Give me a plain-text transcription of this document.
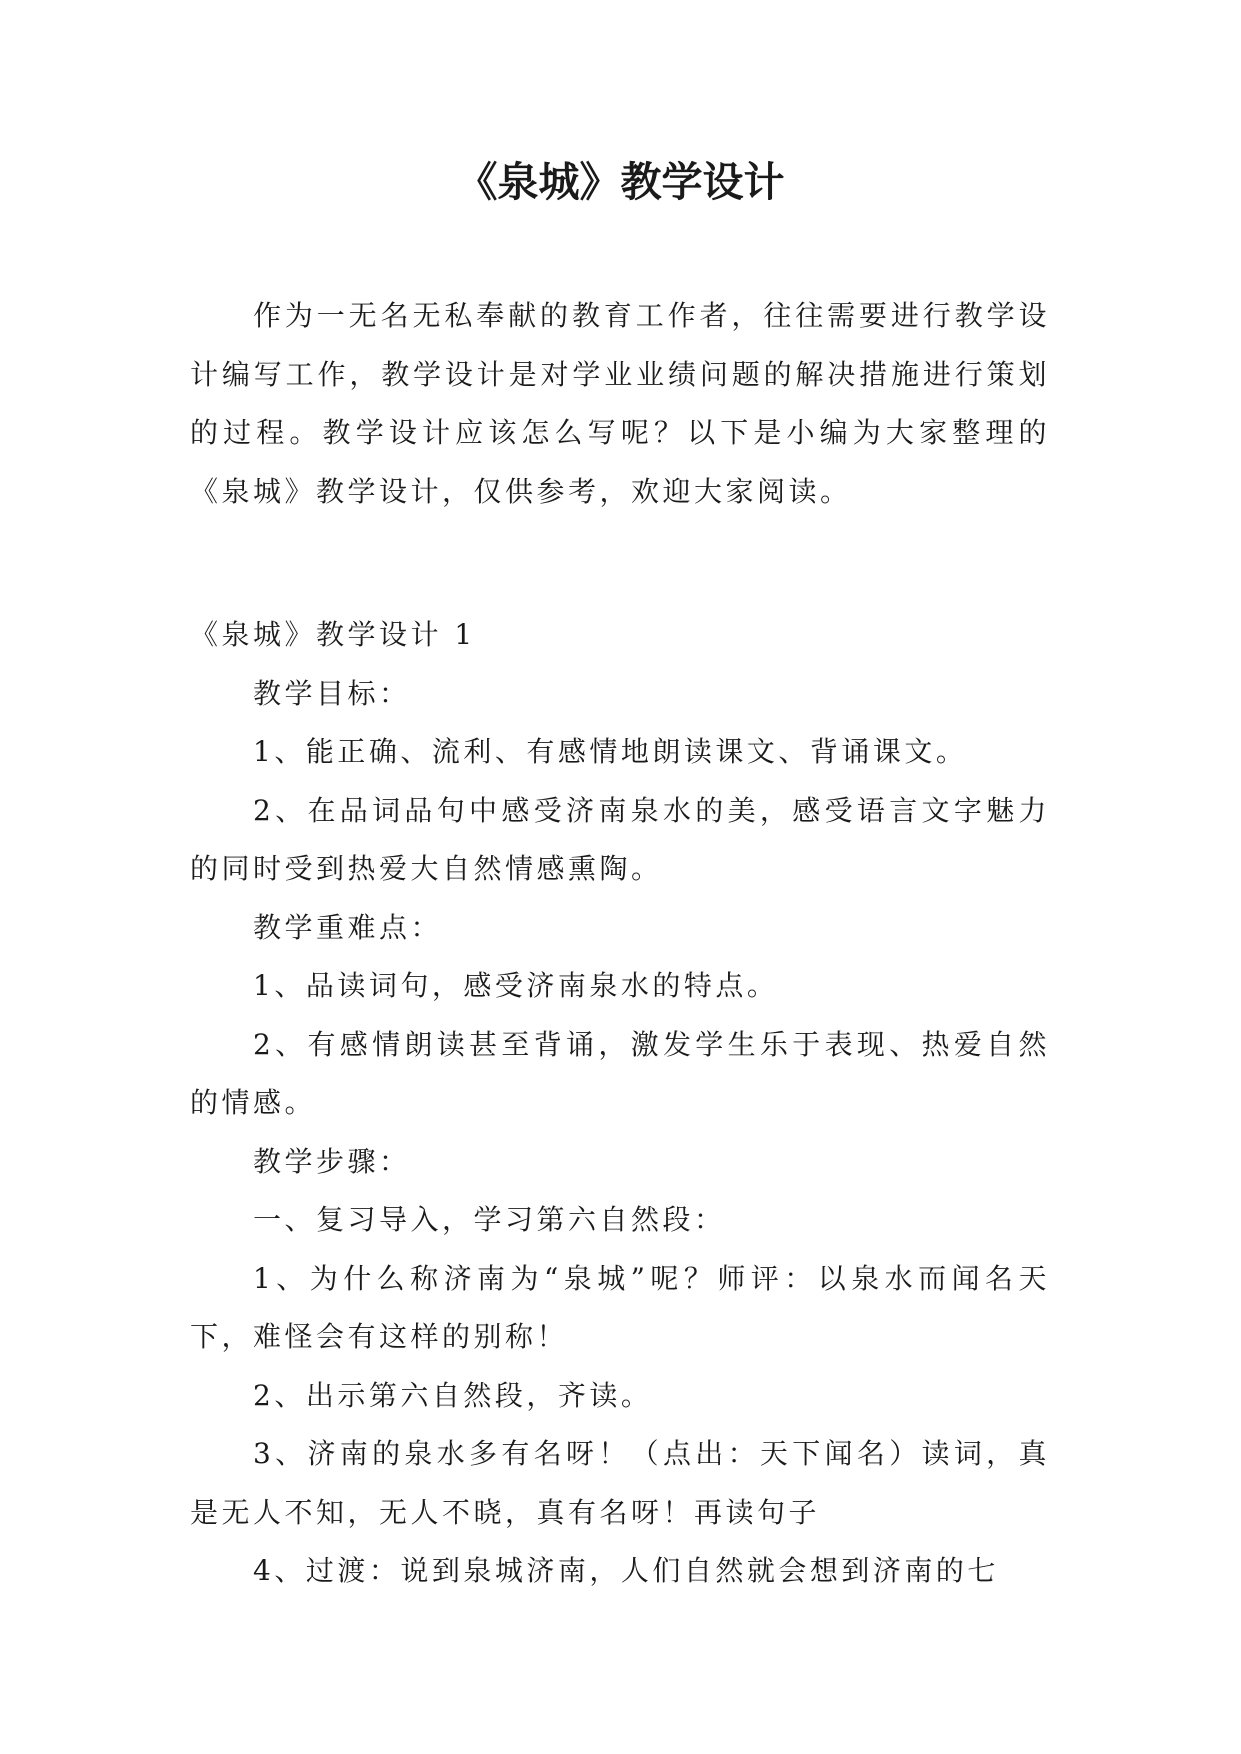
《泉城》教学设计

作为一无名无私奉献的教育工作者，往往需要进行教学设计编写工作，教学设计是对学业业绩问题的解决措施进行策划的过程。教学设计应该怎么写呢？以下是小编为大家整理的《泉城》教学设计，仅供参考，欢迎大家阅读。

《泉城》教学设计 1

教学目标：

1、能正确、流利、有感情地朗读课文、背诵课文。

2、在品词品句中感受济南泉水的美，感受语言文字魅力的同时受到热爱大自然情感熏陶。

教学重难点：

1、品读词句，感受济南泉水的特点。

2、有感情朗读甚至背诵，激发学生乐于表现、热爱自然的情感。

教学步骤：

一、复习导入，学习第六自然段：

1、为什么称济南为“泉城”呢？师评：以泉水而闻名天下，难怪会有这样的别称！

2、出示第六自然段，齐读。

3、济南的泉水多有名呀！（点出：天下闻名）读词，真是无人不知，无人不晓，真有名呀！再读句子

4、过渡：说到泉城济南，人们自然就会想到济南的七
